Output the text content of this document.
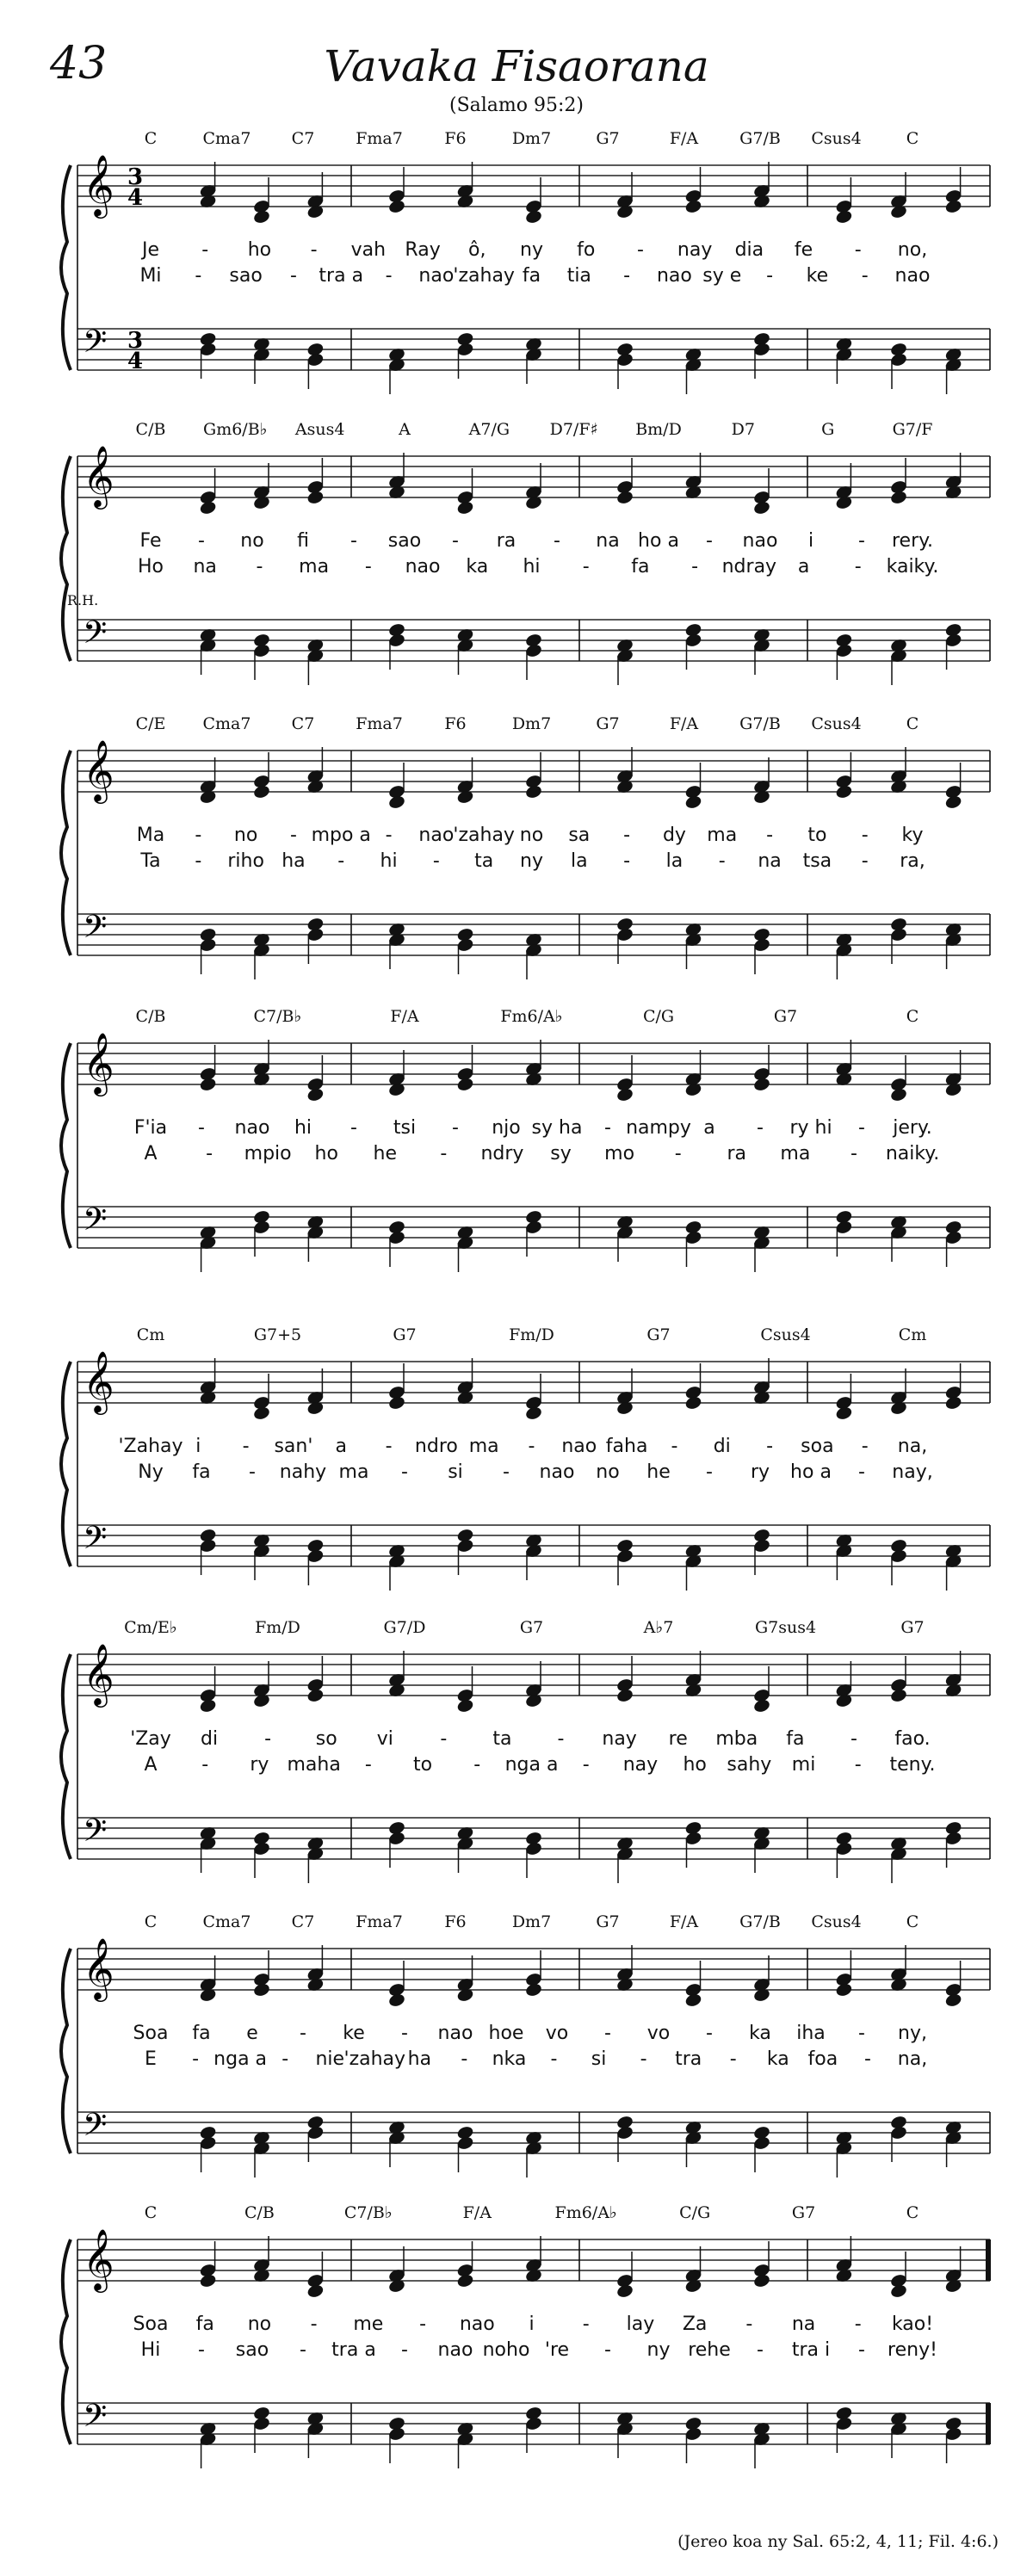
43	Vavaka Fisaorana
(Salamo 95:2)
𝄞
𝄢
3
4
3
4
C	Cma7 C7	Fma7	F6	Dm7	G7	F/A	G7/B Csus4	C
Je - ho - vah Ray ô, ny fo - nay dia fe - no,
Mi - sao - tra a - nao 'zahay fa tia - nao sy e - ke - nao
𝄞
𝄢
R.H.
C/B Gm6/B♭ Asus4	A	A7/G D7/F♯ Bm/D	D7	G	G7/F
Fe - no fi - sao - ra - na ho a - nao i - rery.
Ho na - ma - nao ka hi - fa - ndray a - kaiky.
𝄞
𝄢
C/E Cma7 C7	Fma7	F6	Dm7	G7	F/A	G7/B Csus4	C
Ma - no - mpo a - nao 'zahay no sa - dy ma - to - ky
Ta - riho ha - hi - ta ny la - la - na tsa - ra,
𝄞
𝄢
C/B	C7/B♭	F/A	Fm6/A♭	C/G	G7	C
F'ia - nao hi - tsi - njo sy ha - nampy a - ry hi - jery.
A	- mpio ho he - ndry sy mo - ra ma - naiky.
𝄞
𝄢
Cm	G7+5	G7	Fm/D	G7	Csus4	Cm
'Zahay i - san' a - ndro ma - nao faha - di - soa - na,
Ny fa - nahy ma - si - nao no he - ry ho a - nay,
𝄞
𝄢
Cm/E♭	Fm/D	G7/D	G7	A♭7	G7sus4	G7
'Zay di - so vi - ta - nay re mba fa - fao.
A - ry maha - to - nga a - nay ho sahy mi - teny.
𝄞
𝄢
C	Cma7 C7	Fma7	F6	Dm7	G7	F/A	G7/B Csus4	C
Soa fa e - ke - nao hoe vo - vo - ka iha - ny,
E - nga a - nie 'zahay ha - nka - si - tra - ka foa - na,
𝄞
𝄢
C	C/B	C7/B♭	F/A	Fm6/A♭	C/G	G7	C
Soa fa no - me - nao i	- lay Za - na - kao!
Hi - sao - tra a - nao noho 're - ny rehe - tra i - reny!
(Jereo koa ny Sal. 65:2, 4, 11; Fil. 4:6.)
